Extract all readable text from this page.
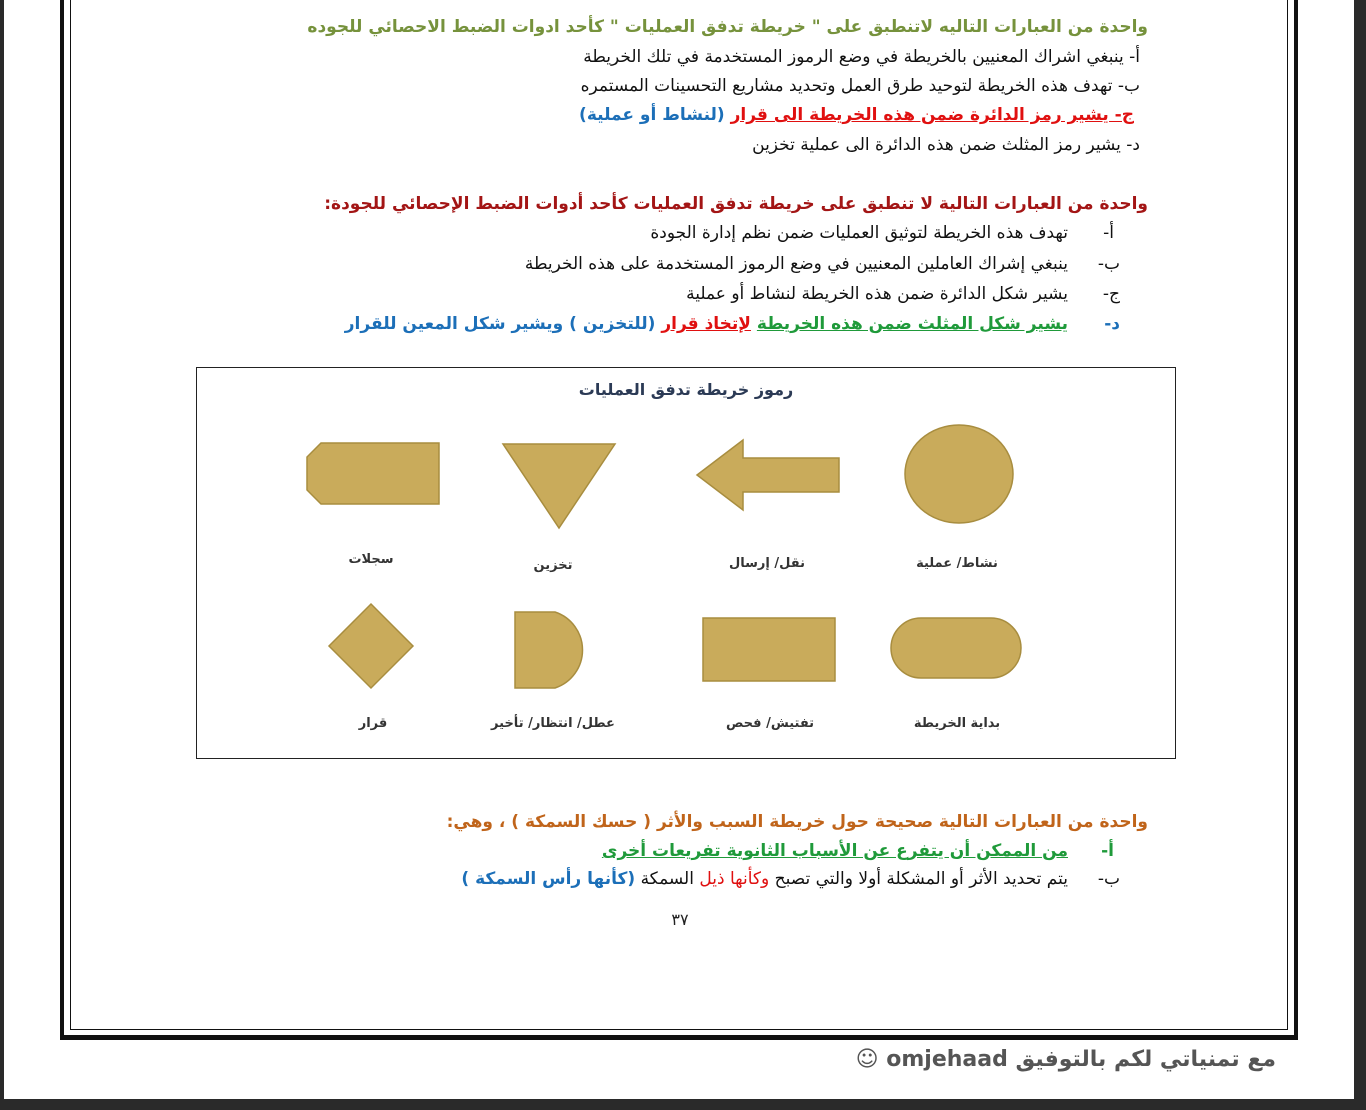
واحدة من العبارات التاليه لاتنطبق على " خريطة تدفق العمليات " كأحد ادوات الضبط الاحصائي للجوده
أ- ينبغي اشراك المعنيين بالخريطة في وضع الرموز المستخدمة في تلك الخريطة
ب- تهدف هذه الخريطة لتوحيد طرق العمل وتحديد مشاريع التحسينات المستمره
ج- يشير رمز الدائرة ضمن هذه الخريطة الى قرار (لنشاط أو عملية)
د- يشير رمز المثلث ضمن هذه الدائرة الى عملية تخزين
واحدة من العبارات التالية لا تنطبق على خريطة تدفق العمليات كأحد أدوات الضبط الإحصائي للجودة:
أ-
تهدف هذه الخريطة لتوثيق العمليات ضمن نظم إدارة الجودة
ب-
ينبغي إشراك العاملين المعنيين في وضع الرموز المستخدمة على هذه الخريطة
ج-
يشير شكل الدائرة ضمن هذه الخريطة لنشاط أو عملية
د-
يشير شكل المثلث ضمن هذه الخريطة لإتخاذ قرار (للتخزين ) ويشير شكل المعين للقرار
رموز خريطة تدفق العمليات
نشاط/ عملية
نقل/ إرسال
تخزين
سجلات
بداية الخريطة
تفتيش/ فحص
عطل/ انتظار/ تأخير
قرار
واحدة من العبارات التالية صحيحة حول خريطة السبب والأثر ( حسك السمكة ) ، وهي:
أ-
من الممكن أن يتفرع عن الأسباب الثانوية تفريعات أخرى
ب-
يتم تحديد الأثر أو المشكلة أولا والتي تصبح وكأنها ذيل السمكة (كأنها رأس السمكة )
٣٧
مع تمنياتي لكم بالتوفيق omjehaad ☺
